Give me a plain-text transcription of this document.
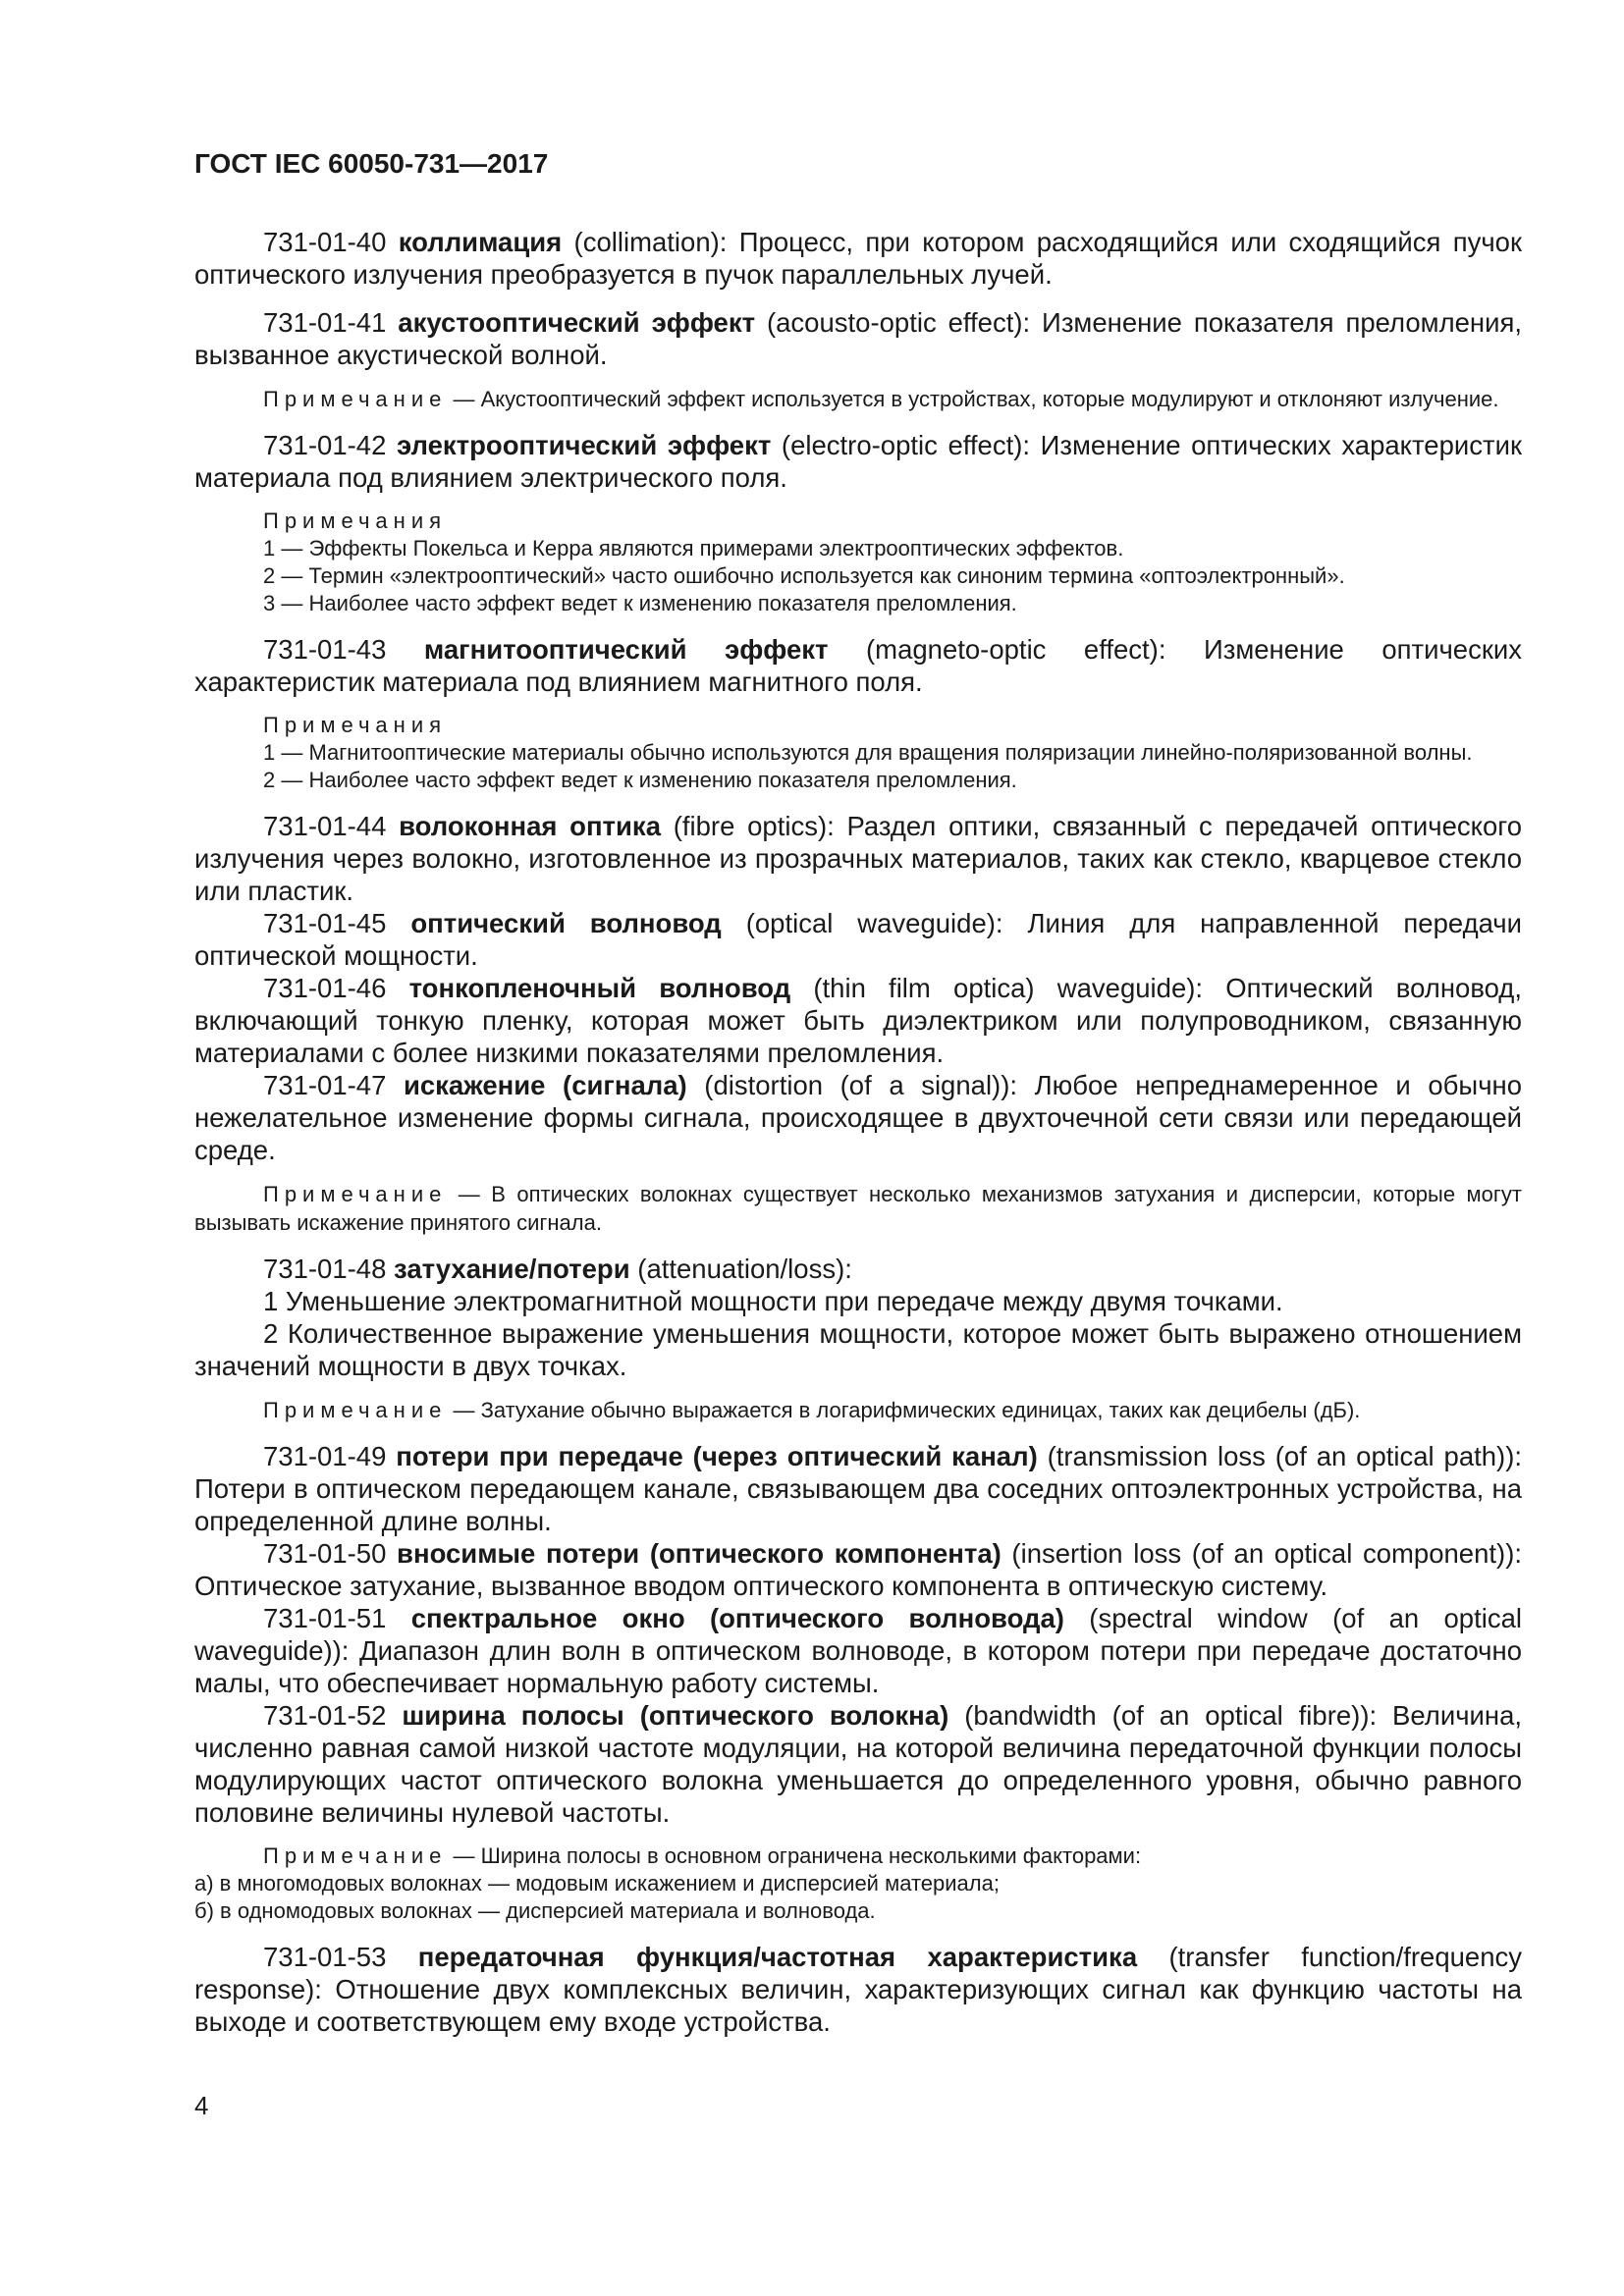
ГОСТ IEC 60050-731—2017

731-01-40 коллимация (collimation): Процесс, при котором расходящийся или сходящийся пучок оптического излучения преобразуется в пучок параллельных лучей.

731-01-41 акустооптический эффект (acousto-optic effect): Изменение показателя преломления, вызванное акустической волной.

Примечание — Акустооптический эффект используется в устройствах, которые модулируют и отклоняют излучение.

731-01-42 электрооптический эффект (electro-optic effect): Изменение оптических характеристик материала под влиянием электрического поля.

Примечания
1 — Эффекты Покельса и Керра являются примерами электрооптических эффектов.
2 — Термин «электрооптический» часто ошибочно используется как синоним термина «оптоэлектронный».
3 — Наиболее часто эффект ведет к изменению показателя преломления.

731-01-43 магнитооптический эффект (magneto-optic effect): Изменение оптических характеристик материала под влиянием магнитного поля.

Примечания
1 — Магнитооптические материалы обычно используются для вращения поляризации линейно-поляризованной волны.
2 — Наиболее часто эффект ведет к изменению показателя преломления.

731-01-44 волоконная оптика (fibre optics): Раздел оптики, связанный с передачей оптического излучения через волокно, изготовленное из прозрачных материалов, таких как стекло, кварцевое стекло или пластик.

731-01-45 оптический волновод (optical waveguide): Линия для направленной передачи оптической мощности.

731-01-46 тонкопленочный волновод (thin film optica) waveguide): Оптический волновод, включающий тонкую пленку, которая может быть диэлектриком или полупроводником, связанную материалами с более низкими показателями преломления.

731-01-47 искажение (сигнала) (distortion (of a signal)): Любое непреднамеренное и обычно нежелательное изменение формы сигнала, происходящее в двухточечной сети связи или передающей среде.

Примечание — В оптических волокнах существует несколько механизмов затухания и дисперсии, которые могут вызывать искажение принятого сигнала.

731-01-48 затухание/потери (attenuation/loss):

1 Уменьшение электромагнитной мощности при передаче между двумя точками.

2 Количественное выражение уменьшения мощности, которое может быть выражено отношением значений мощности в двух точках.

Примечание — Затухание обычно выражается в логарифмических единицах, таких как децибелы (дБ).

731-01-49 потери при передаче (через оптический канал) (transmission loss (of an optical path)): Потери в оптическом передающем канале, связывающем два соседних оптоэлектронных устройства, на определенной длине волны.

731-01-50 вносимые потери (оптического компонента) (insertion loss (of an optical component)): Оптическое затухание, вызванное вводом оптического компонента в оптическую систему.

731-01-51 спектральное окно (оптического волновода) (spectral window (of an optical waveguide)): Диапазон длин волн в оптическом волноводе, в котором потери при передаче достаточно малы, что обеспечивает нормальную работу системы.

731-01-52 ширина полосы (оптического волокна) (bandwidth (of an optical fibre)): Величина, численно равная самой низкой частоте модуляции, на которой величина передаточной функции полосы модулирующих частот оптического волокна уменьшается до определенного уровня, обычно равного половине величины нулевой частоты.

Примечание — Ширина полосы в основном ограничена несколькими факторами:
а) в многомодовых волокнах — модовым искажением и дисперсией материала;
б) в одномодовых волокнах — дисперсией материала и волновода.

731-01-53 передаточная функция/частотная характеристика (transfer function/frequency response): Отношение двух комплексных величин, характеризующих сигнал как функцию частоты на выходе и соответствующем ему входе устройства.

4
